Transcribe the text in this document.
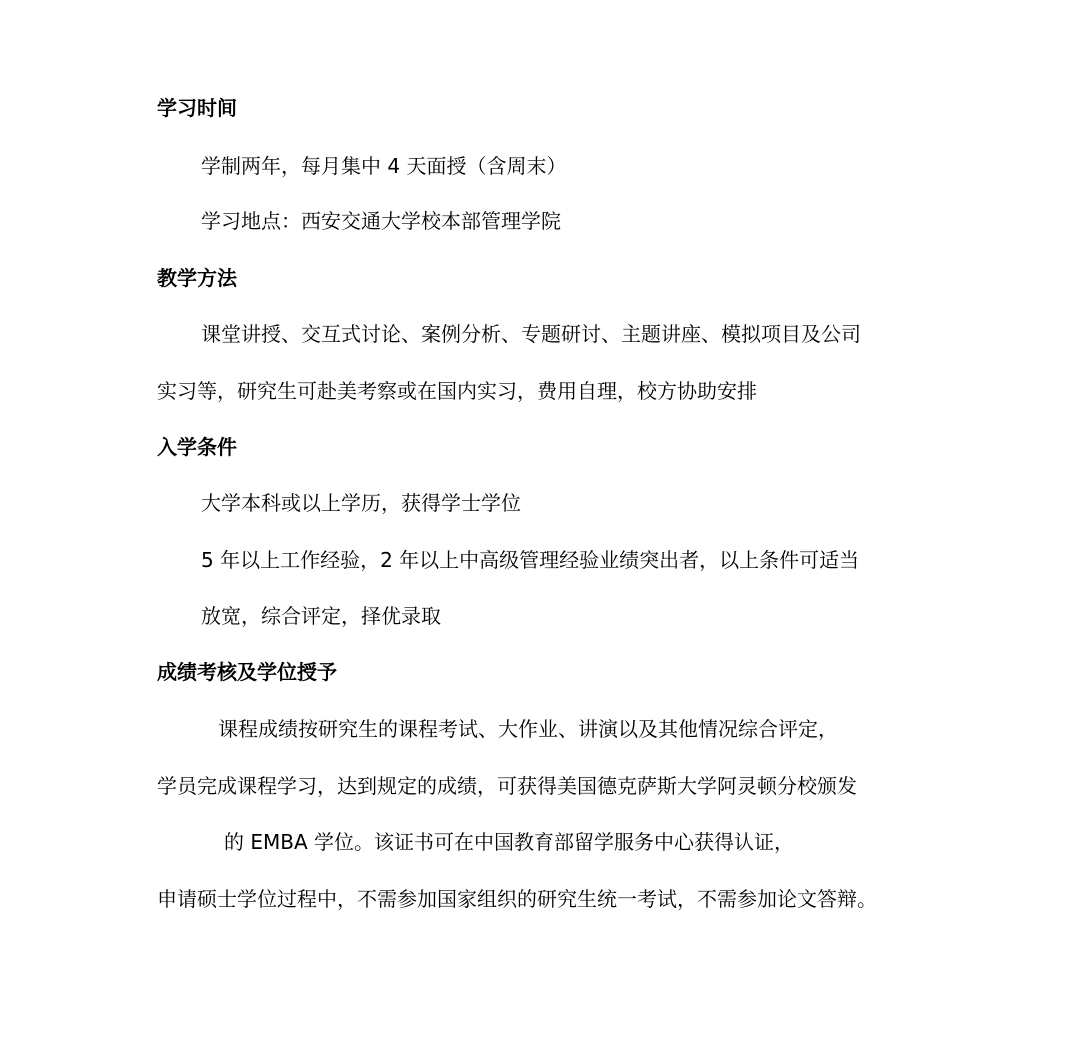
学习时间
学制两年，每月集中 4 天面授（含周末）
学习地点：西安交通大学校本部管理学院
教学方法
课堂讲授、交互式讨论、案例分析、专题研讨、主题讲座、模拟项目及公司
实习等，研究生可赴美考察或在国内实习，费用自理，校方协助安排
入学条件
大学本科或以上学历，获得学士学位
5 年以上工作经验，2 年以上中高级管理经验业绩突出者，以上条件可适当
放宽，综合评定，择优录取
成绩考核及学位授予
课程成绩按研究生的课程考试、大作业、讲演以及其他情况综合评定，
学员完成课程学习，达到规定的成绩，可获得美国德克萨斯大学阿灵顿分校颁发
的 EMBA 学位。该证书可在中国教育部留学服务中心获得认证，
申请硕士学位过程中，不需参加国家组织的研究生统一考试，不需参加论文答辩。
